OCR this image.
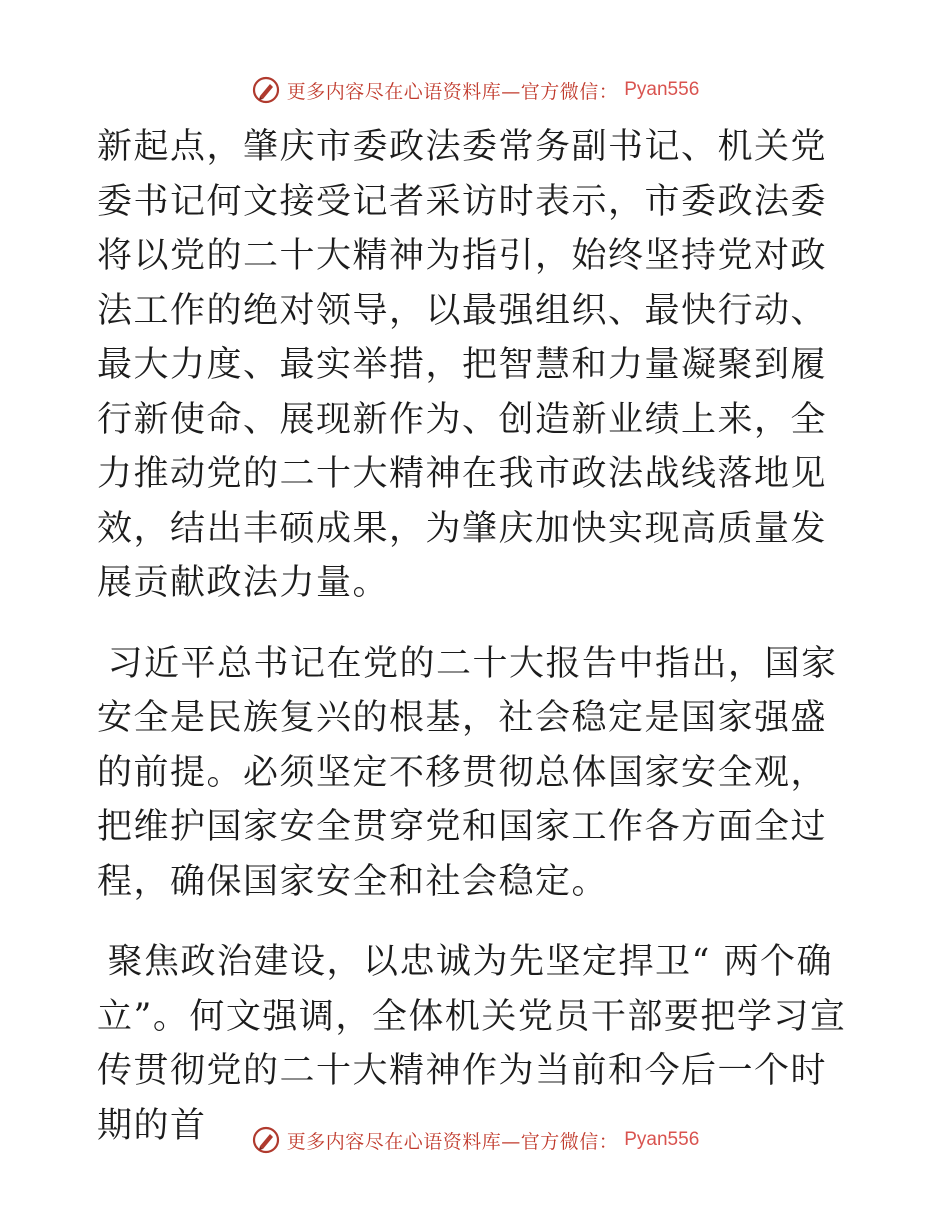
更多内容尽在心语资料库—官方微信： Pyan556

新起点，肇庆市委政法委常务副书记、机关党委书记何文接受记者采访时表示，市委政法委将以党的二十大精神为指引，始终坚持党对政法工作的绝对领导，以最强组织、最快行动、最大力度、最实举措，把智慧和力量凝聚到履行新使命、展现新作为、创造新业绩上来，全力推动党的二十大精神在我市政法战线落地见效，结出丰硕成果，为肇庆加快实现高质量发展贡献政法力量。

习近平总书记在党的二十大报告中指出，国家安全是民族复兴的根基，社会稳定是国家强盛的前提。必须坚定不移贯彻总体国家安全观，把维护国家安全贯穿党和国家工作各方面全过程，确保国家安全和社会稳定。

聚焦政治建设，以忠诚为先坚定捍卫“ 两个确立”。何文强调，全体机关党员干部要把学习宣传贯彻党的二十大精神作为当前和今后一个时期的首	更多内容尽在心语资料库—官方微信： Pyan556
